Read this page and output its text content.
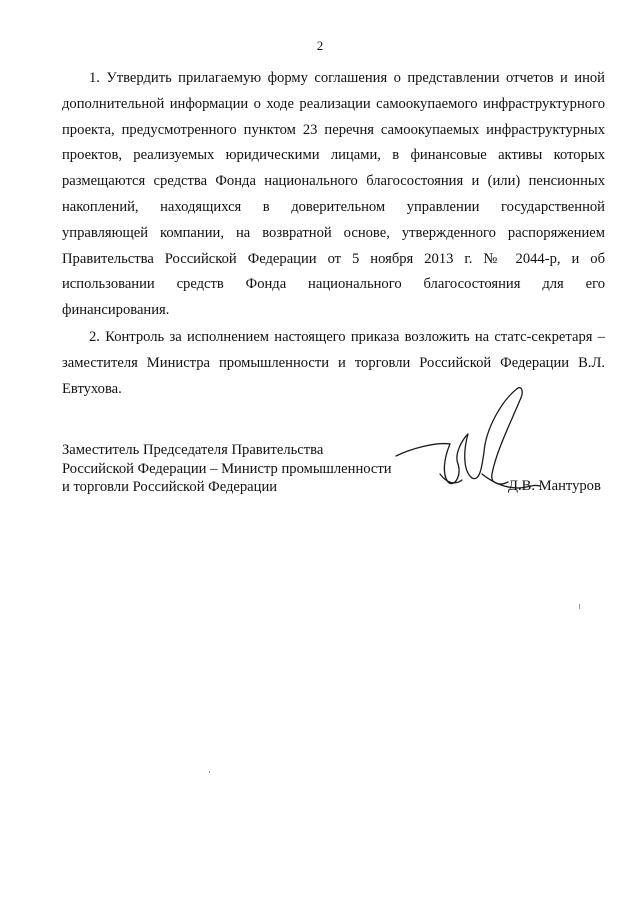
2

1. Утвердить прилагаемую форму соглашения о представлении отчетов и иной дополнительной информации о ходе реализации самоокупаемого инфраструктурного проекта, предусмотренного пунктом 23 перечня самоокупаемых инфраструктурных проектов, реализуемых юридическими лицами, в финансовые активы которых размещаются средства Фонда национального благосостояния и (или) пенсионных накоплений, находящихся в доверительном управлении государственной управляющей компании, на возвратной основе, утвержденного распоряжением Правительства Российской Федерации от 5 ноября 2013 г. № 2044-р, и об использовании средств Фонда национального благосостояния для его финансирования.

2. Контроль за исполнением настоящего приказа возложить на статс-секретаря – заместителя Министра промышленности и торговли Российской Федерации В.Л. Евтухова.

Заместитель Председателя Правительства
Российской Федерации – Министр промышленности
и торговли Российской Федерации	Д.В. Мантуров
